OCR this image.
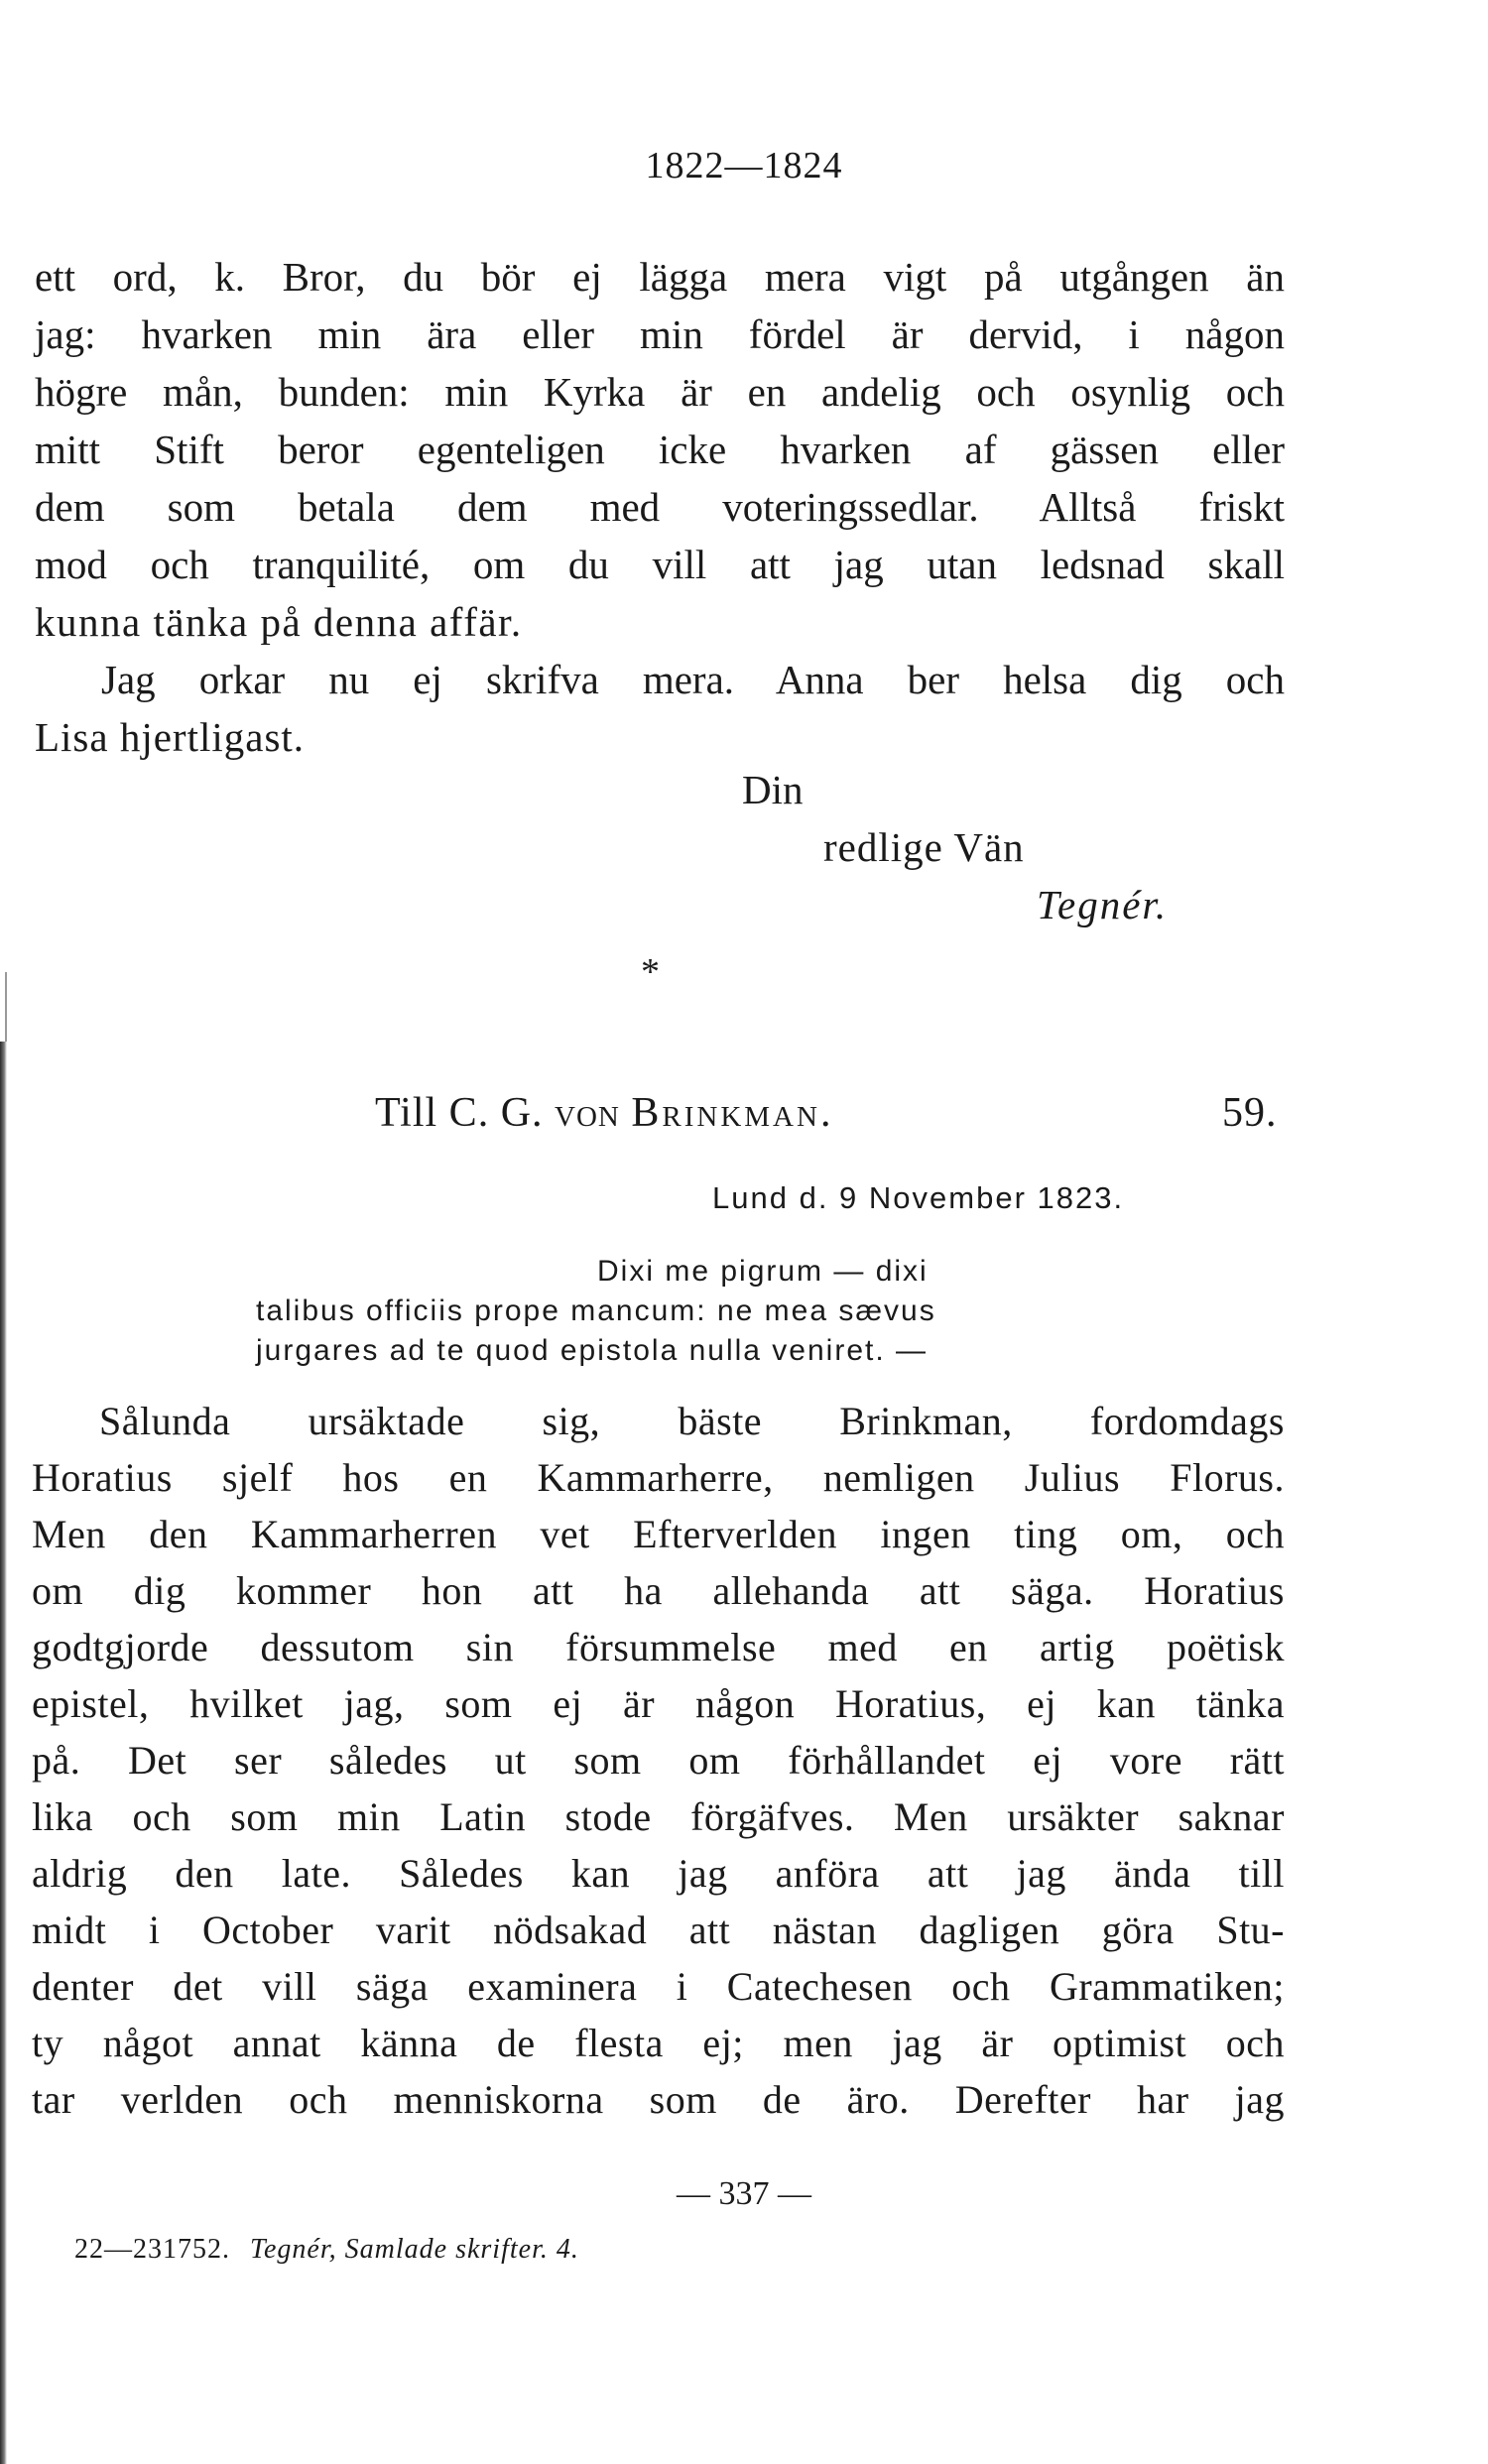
1822—1824
ett ord, k. Bror, du bör ej lägga mera vigt på utgången än
jag: hvarken min ära eller min fördel är dervid, i någon
högre mån, bunden: min Kyrka är en andelig och osynlig och
mitt Stift beror egenteligen icke hvarken af gässen eller
dem som betala dem med voteringssedlar. Alltså friskt
mod och tranquilité, om du vill att jag utan ledsnad skall
kunna tänka på denna affär.
Jag orkar nu ej skrifva mera. Anna ber helsa dig och
Lisa hjertligast.
Din
redlige Vän
Tegnér.
*
Till C. G. von Brinkman.	59.
Lund d. 9 November 1823.
Dixi me pigrum — dixi
talibus officiis prope mancum: ne mea sævus
jurgares ad te quod epistola nulla veniret. —
Sålunda ursäktade sig, bäste Brinkman, fordomdags
Horatius sjelf hos en Kammarherre, nemligen Julius Florus.
Men den Kammarherren vet Efterverlden ingen ting om, och
om dig kommer hon att ha allehanda att säga. Horatius
godtgjorde dessutom sin försummelse med en artig poëtisk
epistel, hvilket jag, som ej är någon Horatius, ej kan tänka
på. Det ser således ut som om förhållandet ej vore rätt
lika och som min Latin stode förgäfves. Men ursäkter saknar
aldrig den late. Således kan jag anföra att jag ända till
midt i October varit nödsakad att nästan dagligen göra Stu-
denter det vill säga examinera i Catechesen och Grammatiken;
ty något annat känna de flesta ej; men jag är optimist och
tar verlden och menniskorna som de äro. Derefter har jag
— 337 —
22—231752. Tegnér, Samlade skrifter. 4.
